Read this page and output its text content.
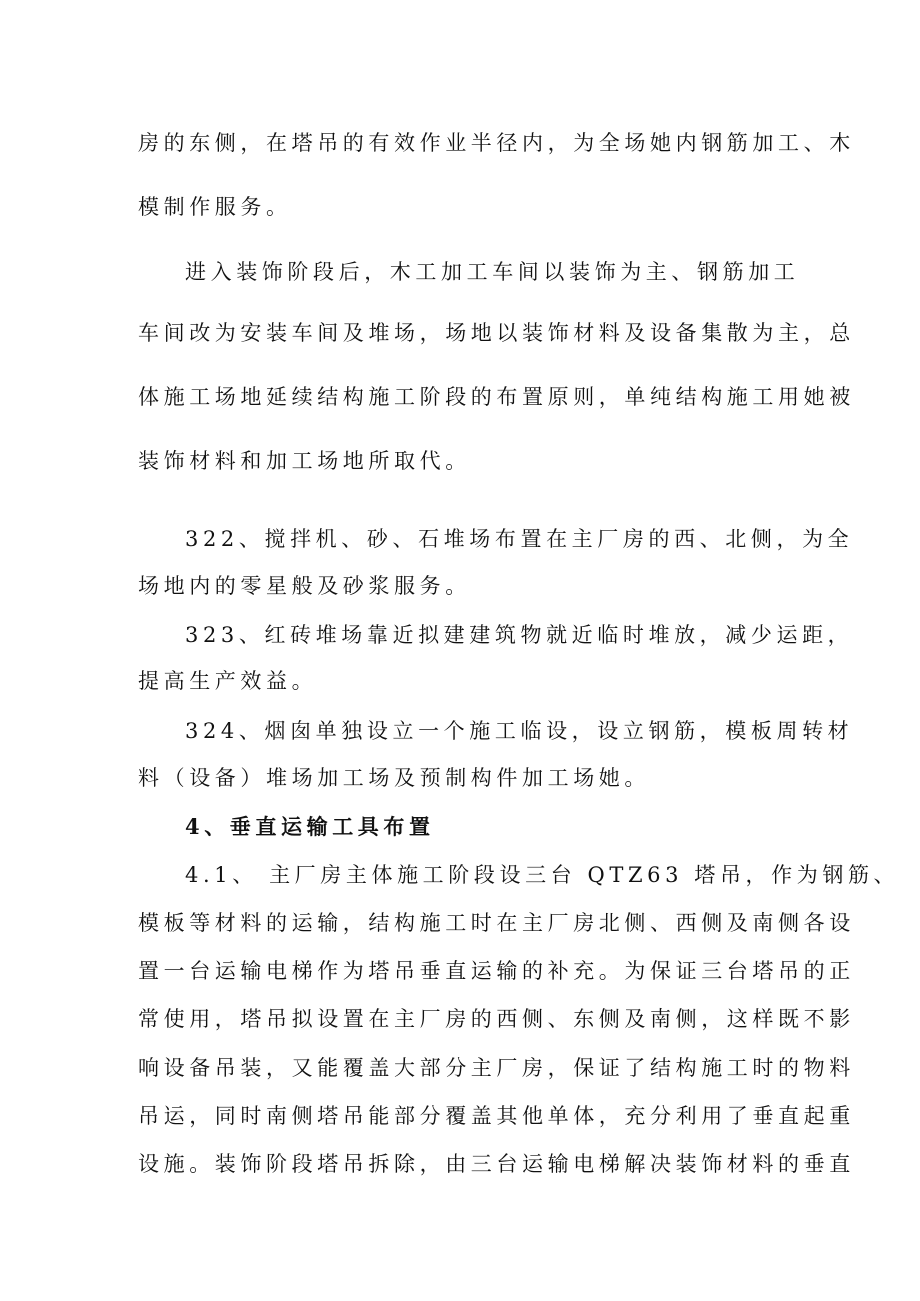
房的东侧，在塔吊的有效作业半径内，为全场她内钢筋加工、木
模制作服务。
进入装饰阶段后，木工加工车间以装饰为主、钢筋加工
车间改为安装车间及堆场，场地以装饰材料及设备集散为主，总
体施工场地延续结构施工阶段的布置原则，单纯结构施工用她被
装饰材料和加工场地所取代。
322、搅拌机、砂、石堆场布置在主厂房的西、北侧，为全
场地内的零星般及砂浆服务。
323、红砖堆场靠近拟建建筑物就近临时堆放，减少运距，
提高生产效益。
324、烟囱单独设立一个施工临设，设立钢筋，模板周转材
料（设备）堆场加工场及预制构件加工场她。
4、垂直运输工具布置
4.1、 主厂房主体施工阶段设三台 QTZ63 塔吊，作为钢筋、
模板等材料的运输，结构施工时在主厂房北侧、西侧及南侧各设
置一台运输电梯作为塔吊垂直运输的补充。为保证三台塔吊的正
常使用，塔吊拟设置在主厂房的西侧、东侧及南侧，这样既不影
响设备吊装，又能覆盖大部分主厂房，保证了结构施工时的物料
吊运，同时南侧塔吊能部分覆盖其他单体，充分利用了垂直起重
设施。装饰阶段塔吊拆除，由三台运输电梯解决装饰材料的垂直
